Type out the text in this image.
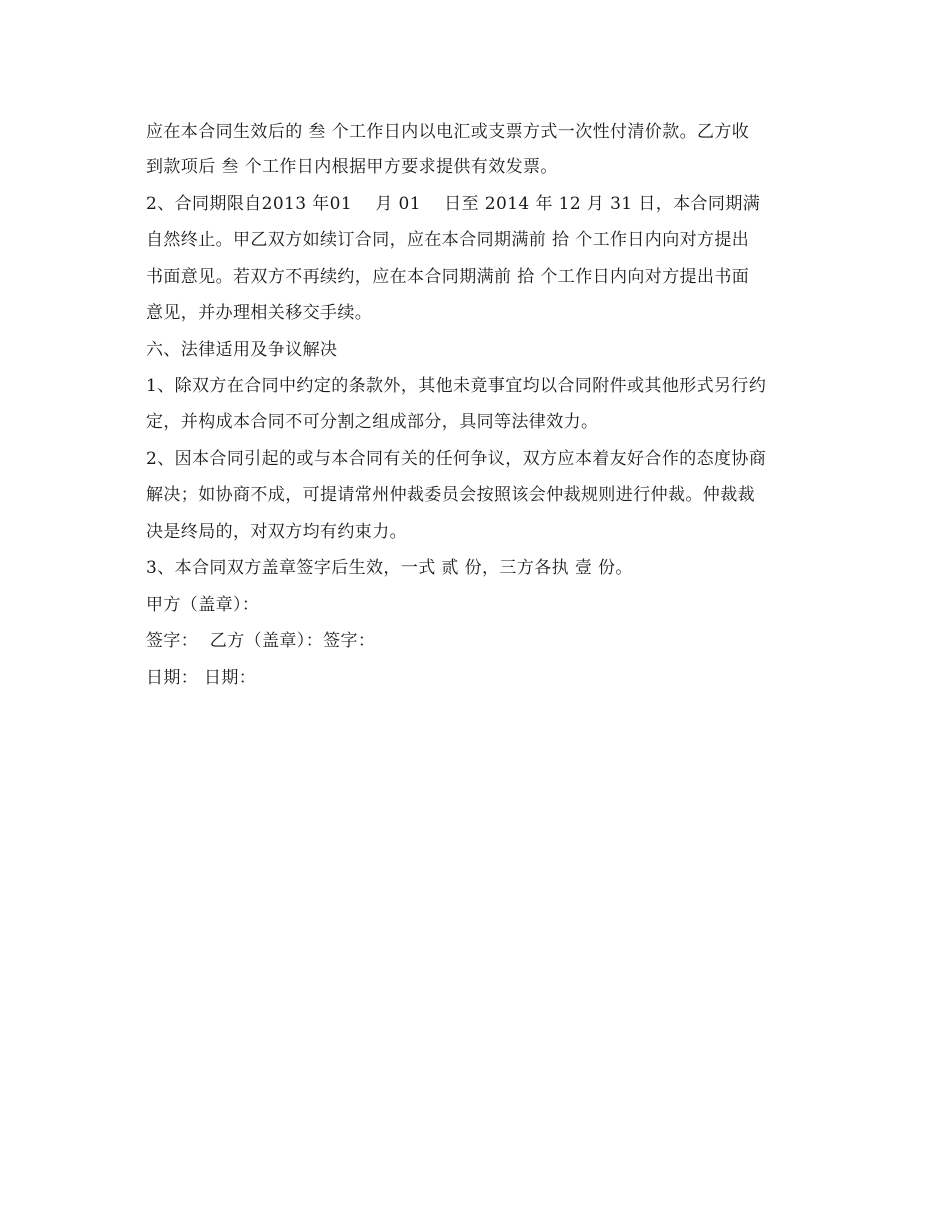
应在本合同生效后的 叁 个工作日内以电汇或支票方式一次性付清价款。乙方收
到款项后 叁 个工作日内根据甲方要求提供有效发票。
2、合同期限自2013 年01    月 01    日至 2014 年 12 月 31 日，本合同期满
自然终止。甲乙双方如续订合同，应在本合同期满前 拾 个工作日内向对方提出
书面意见。若双方不再续约，应在本合同期满前 拾 个工作日内向对方提出书面
意见，并办理相关移交手续。
六、法律适用及争议解决
1、除双方在合同中约定的条款外，其他未竟事宜均以合同附件或其他形式另行约
定，并构成本合同不可分割之组成部分，具同等法律效力。
2、因本合同引起的或与本合同有关的任何争议，双方应本着友好合作的态度协商
解决；如协商不成，可提请常州仲裁委员会按照该会仲裁规则进行仲裁。仲裁裁
决是终局的，对双方均有约束力。
3、本合同双方盖章签字后生效，一式 贰 份，三方各执 壹 份。
甲方（盖章）：
签字：  乙方（盖章）：签字：
日期： 日期：
